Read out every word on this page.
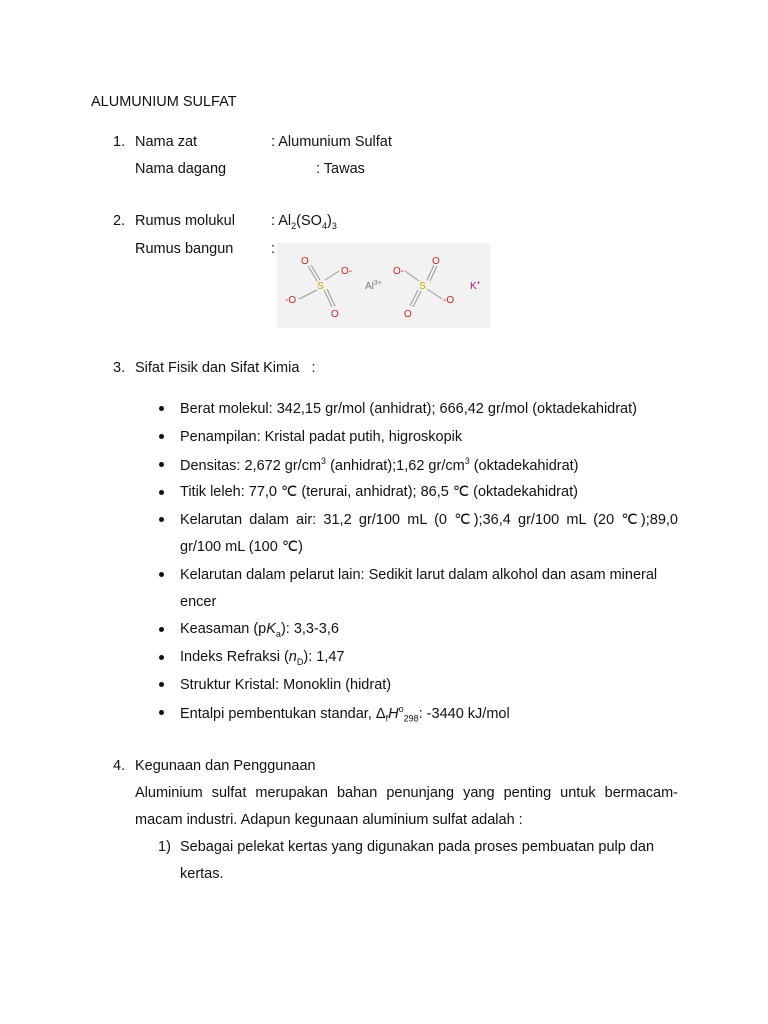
ALUMUNIUM SULFAT
1. Nama zat	: Alumunium Sulfat
Nama dagang	: Tawas
2. Rumus molukul : $Al_2(SO_4)_3$
Rumus bangun	:
O
O-
S
-O
O
$Al^{3+}$
O-
O
S
-O
O
K+
3. Sifat Fisik dan Sifat Kimia   :
Berat molekul: 342,15 gr/mol (anhidrat); 666,42 gr/mol (oktadekahidrat)
Penampilan: Kristal padat putih, higroskopik
Densitas: 2,672 $gr/cm^3$ (anhidrat);1,62 $gr/cm^3$ (oktadekahidrat)
Titik leleh: 77,0 ℃ (terurai, anhidrat); 86,5 ℃ (oktadekahidrat)
Kelarutan dalam air: 31,2 gr/100 mL (0 ℃);36,4 gr/100 mL (20 ℃);89,0
gr/100 mL (100 ℃)
Kelarutan dalam pelarut lain: Sedikit larut dalam alkohol dan asam mineral
encer
Keasaman $(pK_a)$: 3,3-3,6
Indeks Refraksi $(n_D)$: 1,47
Struktur Kristal: Monoklin (hidrat)
Entalpi pembentukan standar, $\Delta_fH^o_{298}$: -3440 kJ/mol
4. Kegunaan dan Penggunaan
Aluminium sulfat merupakan bahan penunjang yang penting untuk bermacam-
macam industri. Adapun kegunaan aluminium sulfat adalah :
1) Sebagai pelekat kertas yang digunakan pada proses pembuatan pulp dan
kertas.
